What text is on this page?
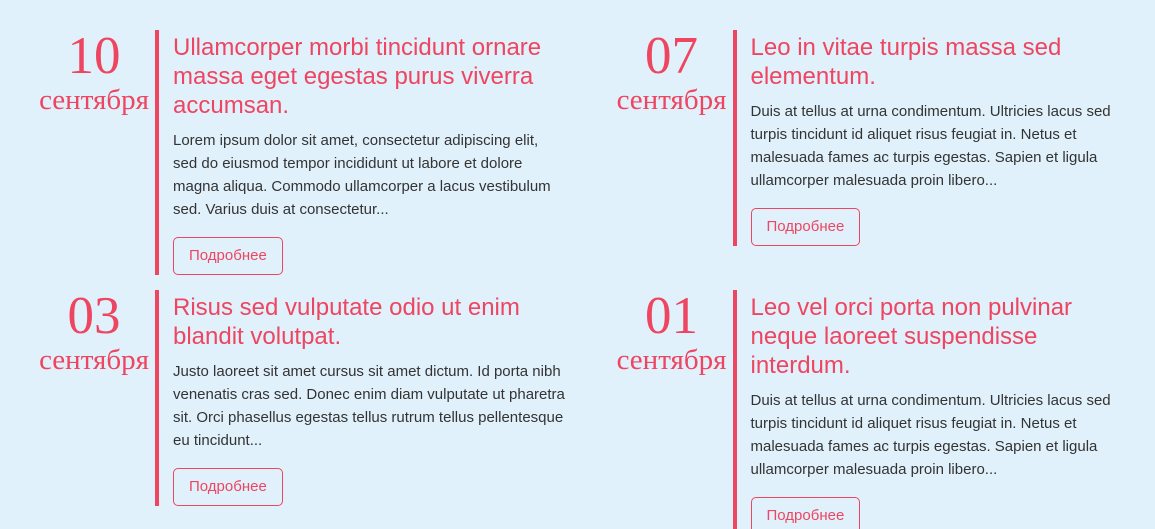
10
сентября
Ullamcorper morbi tincidunt ornare massa eget egestas purus viverra accumsan.

Lorem ipsum dolor sit amet, consectetur adipiscing elit, sed do eiusmod tempor incididunt ut labore et dolore magna aliqua. Commodo ullamcorper a lacus vestibulum sed. Varius duis at consectetur...

Подробнее
07
сентября
Leo in vitae turpis massa sed elementum.

Duis at tellus at urna condimentum. Ultricies lacus sed turpis tincidunt id aliquet risus feugiat in. Netus et malesuada fames ac turpis egestas. Sapien et ligula ullamcorper malesuada proin libero...

Подробнее
03
сентября
Risus sed vulputate odio ut enim blandit volutpat.

Justo laoreet sit amet cursus sit amet dictum. Id porta nibh venenatis cras sed. Donec enim diam vulputate ut pharetra sit. Orci phasellus egestas tellus rutrum tellus pellentesque eu tincidunt...

Подробнее
01
сентября
Leo vel orci porta non pulvinar neque laoreet suspendisse interdum.

Duis at tellus at urna condimentum. Ultricies lacus sed turpis tincidunt id aliquet risus feugiat in. Netus et malesuada fames ac turpis egestas. Sapien et ligula ullamcorper malesuada proin libero...

Подробнее
